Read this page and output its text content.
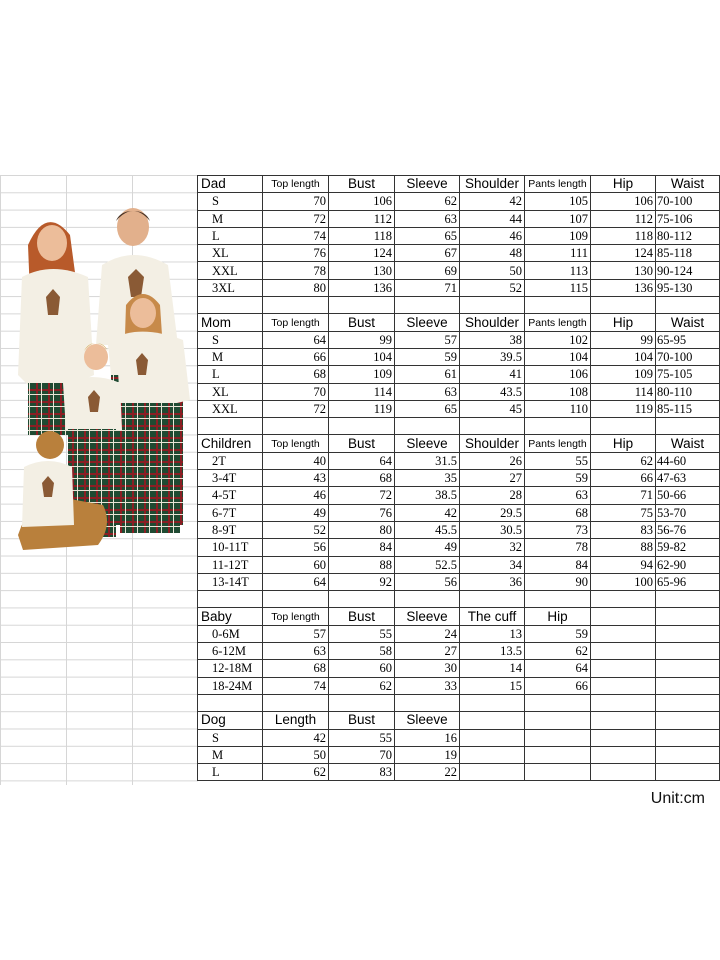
Dad	Top length	Bust	Sleeve	Shoulder	Pants length	Hip	Waist
S	70	106	62	42	105	106	70-100
M	72	112	63	44	107	112	75-106
L	74	118	65	46	109	118	80-112
XL	76	124	67	48	111	124	85-118
XXL	78	130	69	50	113	130	90-124
3XL	80	136	71	52	115	136	95-130

Mom	Top length	Bust	Sleeve	Shoulder	Pants length	Hip	Waist
S	64	99	57	38	102	99	65-95
M	66	104	59	39.5	104	104	70-100
L	68	109	61	41	106	109	75-105
XL	70	114	63	43.5	108	114	80-110
XXL	72	119	65	45	110	119	85-115

Children	Top length	Bust	Sleeve	Shoulder	Pants length	Hip	Waist
2T	40	64	31.5	26	55	62	44-60
3-4T	43	68	35	27	59	66	47-63
4-5T	46	72	38.5	28	63	71	50-66
6-7T	49	76	42	29.5	68	75	53-70
8-9T	52	80	45.5	30.5	73	83	56-76
10-11T	56	84	49	32	78	88	59-82
11-12T	60	88	52.5	34	84	94	62-90
13-14T	64	92	56	36	90	100	65-96

Baby	Top length	Bust	Sleeve	The cuff	Hip		
0-6M	57	55	24	13	59		
6-12M	63	58	27	13.5	62		
12-18M	68	60	30	14	64		
18-24M	74	62	33	15	66		

Dog	Length	Bust	Sleeve				
S	42	55	16				
M	50	70	19				
L	62	83	22				
Unit:cm
